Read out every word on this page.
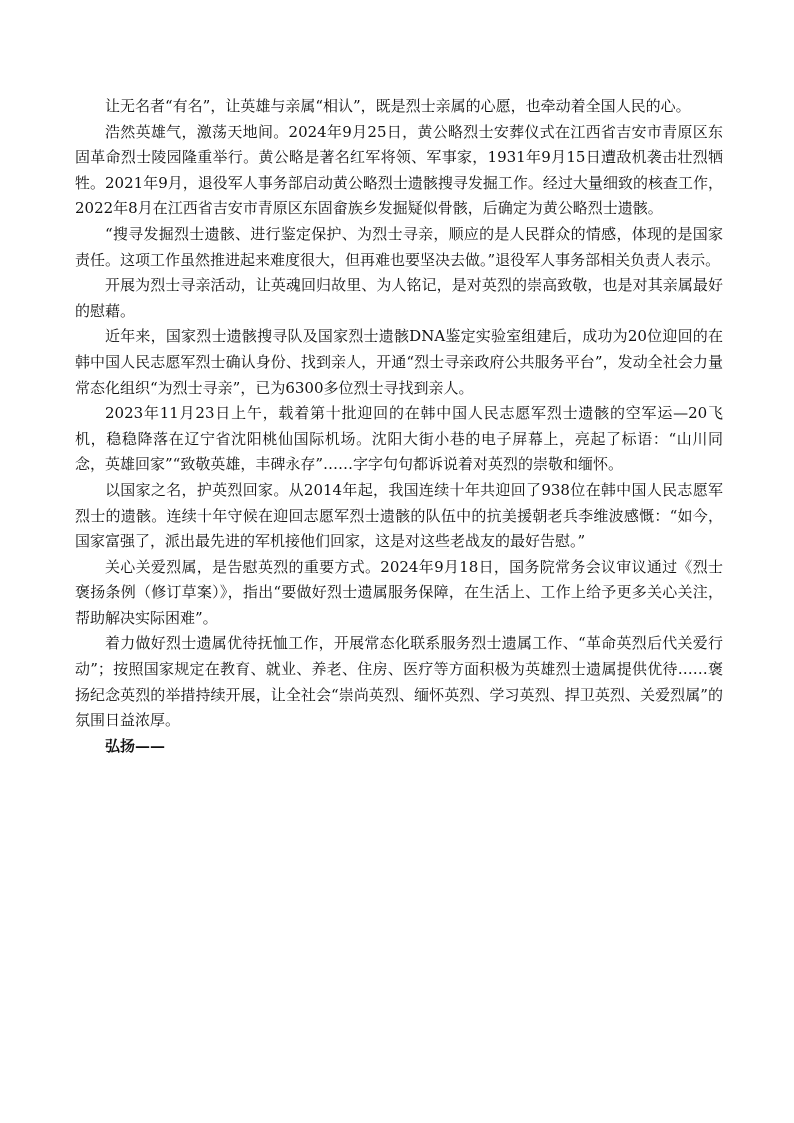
让无名者“有名”，让英雄与亲属“相认”，既是烈士亲属的心愿，也牵动着全国人民的心。

浩然英雄气，激荡天地间。2024年9月25日，黄公略烈士安葬仪式在江西省吉安市青原区东固革命烈士陵园隆重举行。黄公略是著名红军将领、军事家，1931年9月15日遭敌机袭击壮烈牺牲。2021年9月，退役军人事务部启动黄公略烈士遗骸搜寻发掘工作。经过大量细致的核查工作，2022年8月在江西省吉安市青原区东固畲族乡发掘疑似骨骸，后确定为黄公略烈士遗骸。

“搜寻发掘烈士遗骸、进行鉴定保护、为烈士寻亲，顺应的是人民群众的情感，体现的是国家责任。这项工作虽然推进起来难度很大，但再难也要坚决去做。”退役军人事务部相关负责人表示。

开展为烈士寻亲活动，让英魂回归故里、为人铭记，是对英烈的崇高致敬，也是对其亲属最好的慰藉。

近年来，国家烈士遗骸搜寻队及国家烈士遗骸DNA鉴定实验室组建后，成功为20位迎回的在韩中国人民志愿军烈士确认身份、找到亲人，开通“烈士寻亲政府公共服务平台”，发动全社会力量常态化组织“为烈士寻亲”，已为6300多位烈士寻找到亲人。

2023年11月23日上午，载着第十批迎回的在韩中国人民志愿军烈士遗骸的空军运—20飞机，稳稳降落在辽宁省沈阳桃仙国际机场。沈阳大街小巷的电子屏幕上，亮起了标语：“山川同念，英雄回家”“致敬英雄，丰碑永存”……字字句句都诉说着对英烈的崇敬和缅怀。

以国家之名，护英烈回家。从2014年起，我国连续十年共迎回了938位在韩中国人民志愿军烈士的遗骸。连续十年守候在迎回志愿军烈士遗骸的队伍中的抗美援朝老兵李维波感慨：“如今，国家富强了，派出最先进的军机接他们回家，这是对这些老战友的最好告慰。”

关心关爱烈属，是告慰英烈的重要方式。2024年9月18日，国务院常务会议审议通过《烈士褒扬条例（修订草案）》，指出“要做好烈士遗属服务保障，在生活上、工作上给予更多关心关注，帮助解决实际困难”。

着力做好烈士遗属优待抚恤工作，开展常态化联系服务烈士遗属工作、“革命英烈后代关爱行动”；按照国家规定在教育、就业、养老、住房、医疗等方面积极为英雄烈士遗属提供优待……褒扬纪念英烈的举措持续开展，让全社会“崇尚英烈、缅怀英烈、学习英烈、捍卫英烈、关爱烈属”的氛围日益浓厚。

弘扬——
